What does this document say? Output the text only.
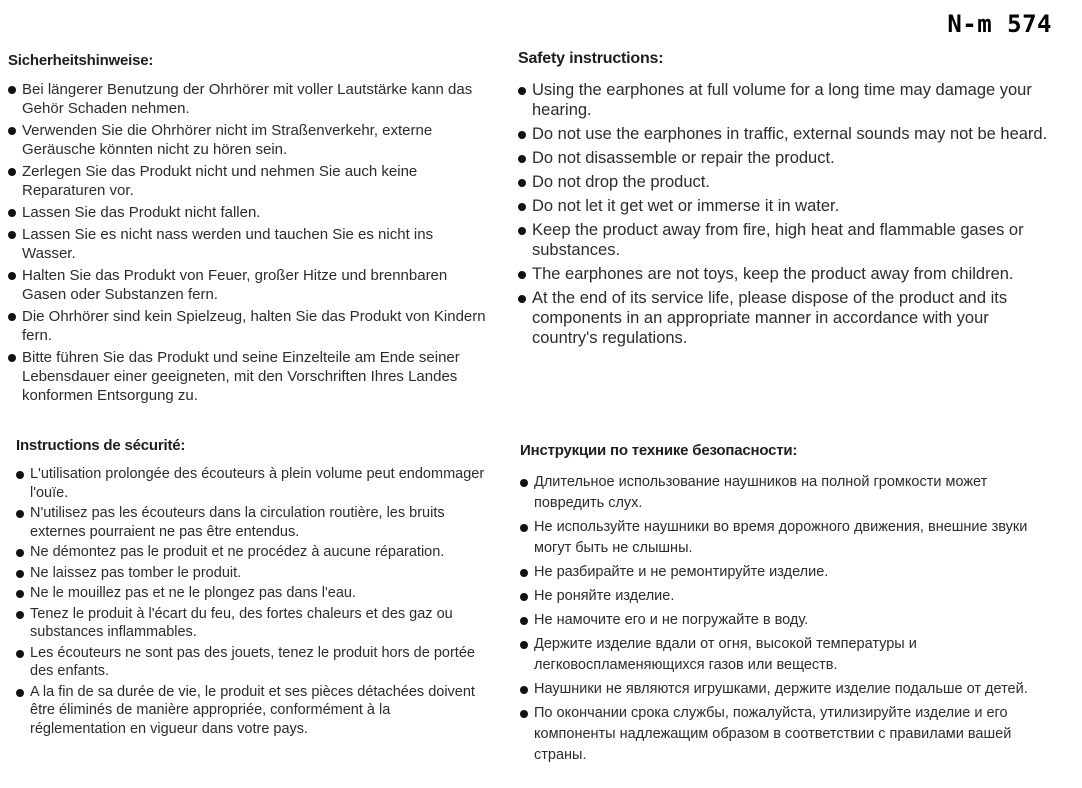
N-m 574
Sicherheitshinweise:
Bei längerer Benutzung der Ohrhörer mit voller Lautstärke kann das Gehör Schaden nehmen.
Verwenden Sie die Ohrhörer nicht im Straßenverkehr, externe Geräusche könnten nicht zu hören sein.
Zerlegen Sie das Produkt nicht und nehmen Sie auch keine Reparaturen vor.
Lassen Sie das Produkt nicht fallen.
Lassen Sie es nicht nass werden und tauchen Sie es nicht ins Wasser.
Halten Sie das Produkt von Feuer, großer Hitze und brennbaren Gasen oder Substanzen fern.
Die Ohrhörer sind kein Spielzeug, halten Sie das Produkt von Kindern fern.
Bitte führen Sie das Produkt und seine Einzelteile am Ende seiner Lebensdauer einer geeigneten, mit den Vorschriften Ihres Landes konformen Entsorgung zu.
Safety instructions:
Using the earphones at full volume for a long time may damage your hearing.
Do not use the earphones in traffic, external sounds may not be heard.
Do not disassemble or repair the product.
Do not drop the product.
Do not let it get wet or immerse it in water.
Keep the product away from fire, high heat and flammable gases or substances.
The earphones are not toys, keep the product away from children.
At the end of its service life, please dispose of the product and its components in an appropriate manner in accordance with your country's regulations.
Instructions de sécurité:
L'utilisation prolongée des écouteurs à plein volume peut endommager l'ouïe.
N'utilisez pas les écouteurs dans la circulation routière, les bruits externes pourraient ne pas être entendus.
Ne démontez pas le produit et ne procédez à aucune réparation.
Ne laissez pas tomber le produit.
Ne le mouillez pas et ne le plongez pas dans l'eau.
Tenez le produit à l'écart du feu, des fortes chaleurs et des gaz ou substances inflammables.
Les écouteurs ne sont pas des jouets, tenez le produit hors de portée des enfants.
A la fin de sa durée de vie, le produit et ses pièces détachées doivent être éliminés de manière appropriée, conformément à la réglementation en vigueur dans votre pays.
Инструкции по технике безопасности:
Длительное использование наушников на полной громкости может повредить слух.
Не используйте наушники во время дорожного движения, внешние звуки могут быть не слышны.
Не разбирайте и не ремонтируйте изделие.
Не роняйте изделие.
Не намочите его и не погружайте в воду.
Держите изделие вдали от огня, высокой температуры и легковоспламеняющихся газов или веществ.
Наушники не являются игрушками, держите изделие подальше от детей.
По окончании срока службы, пожалуйста, утилизируйте изделие и его компоненты надлежащим образом в соответствии с правилами вашей страны.
